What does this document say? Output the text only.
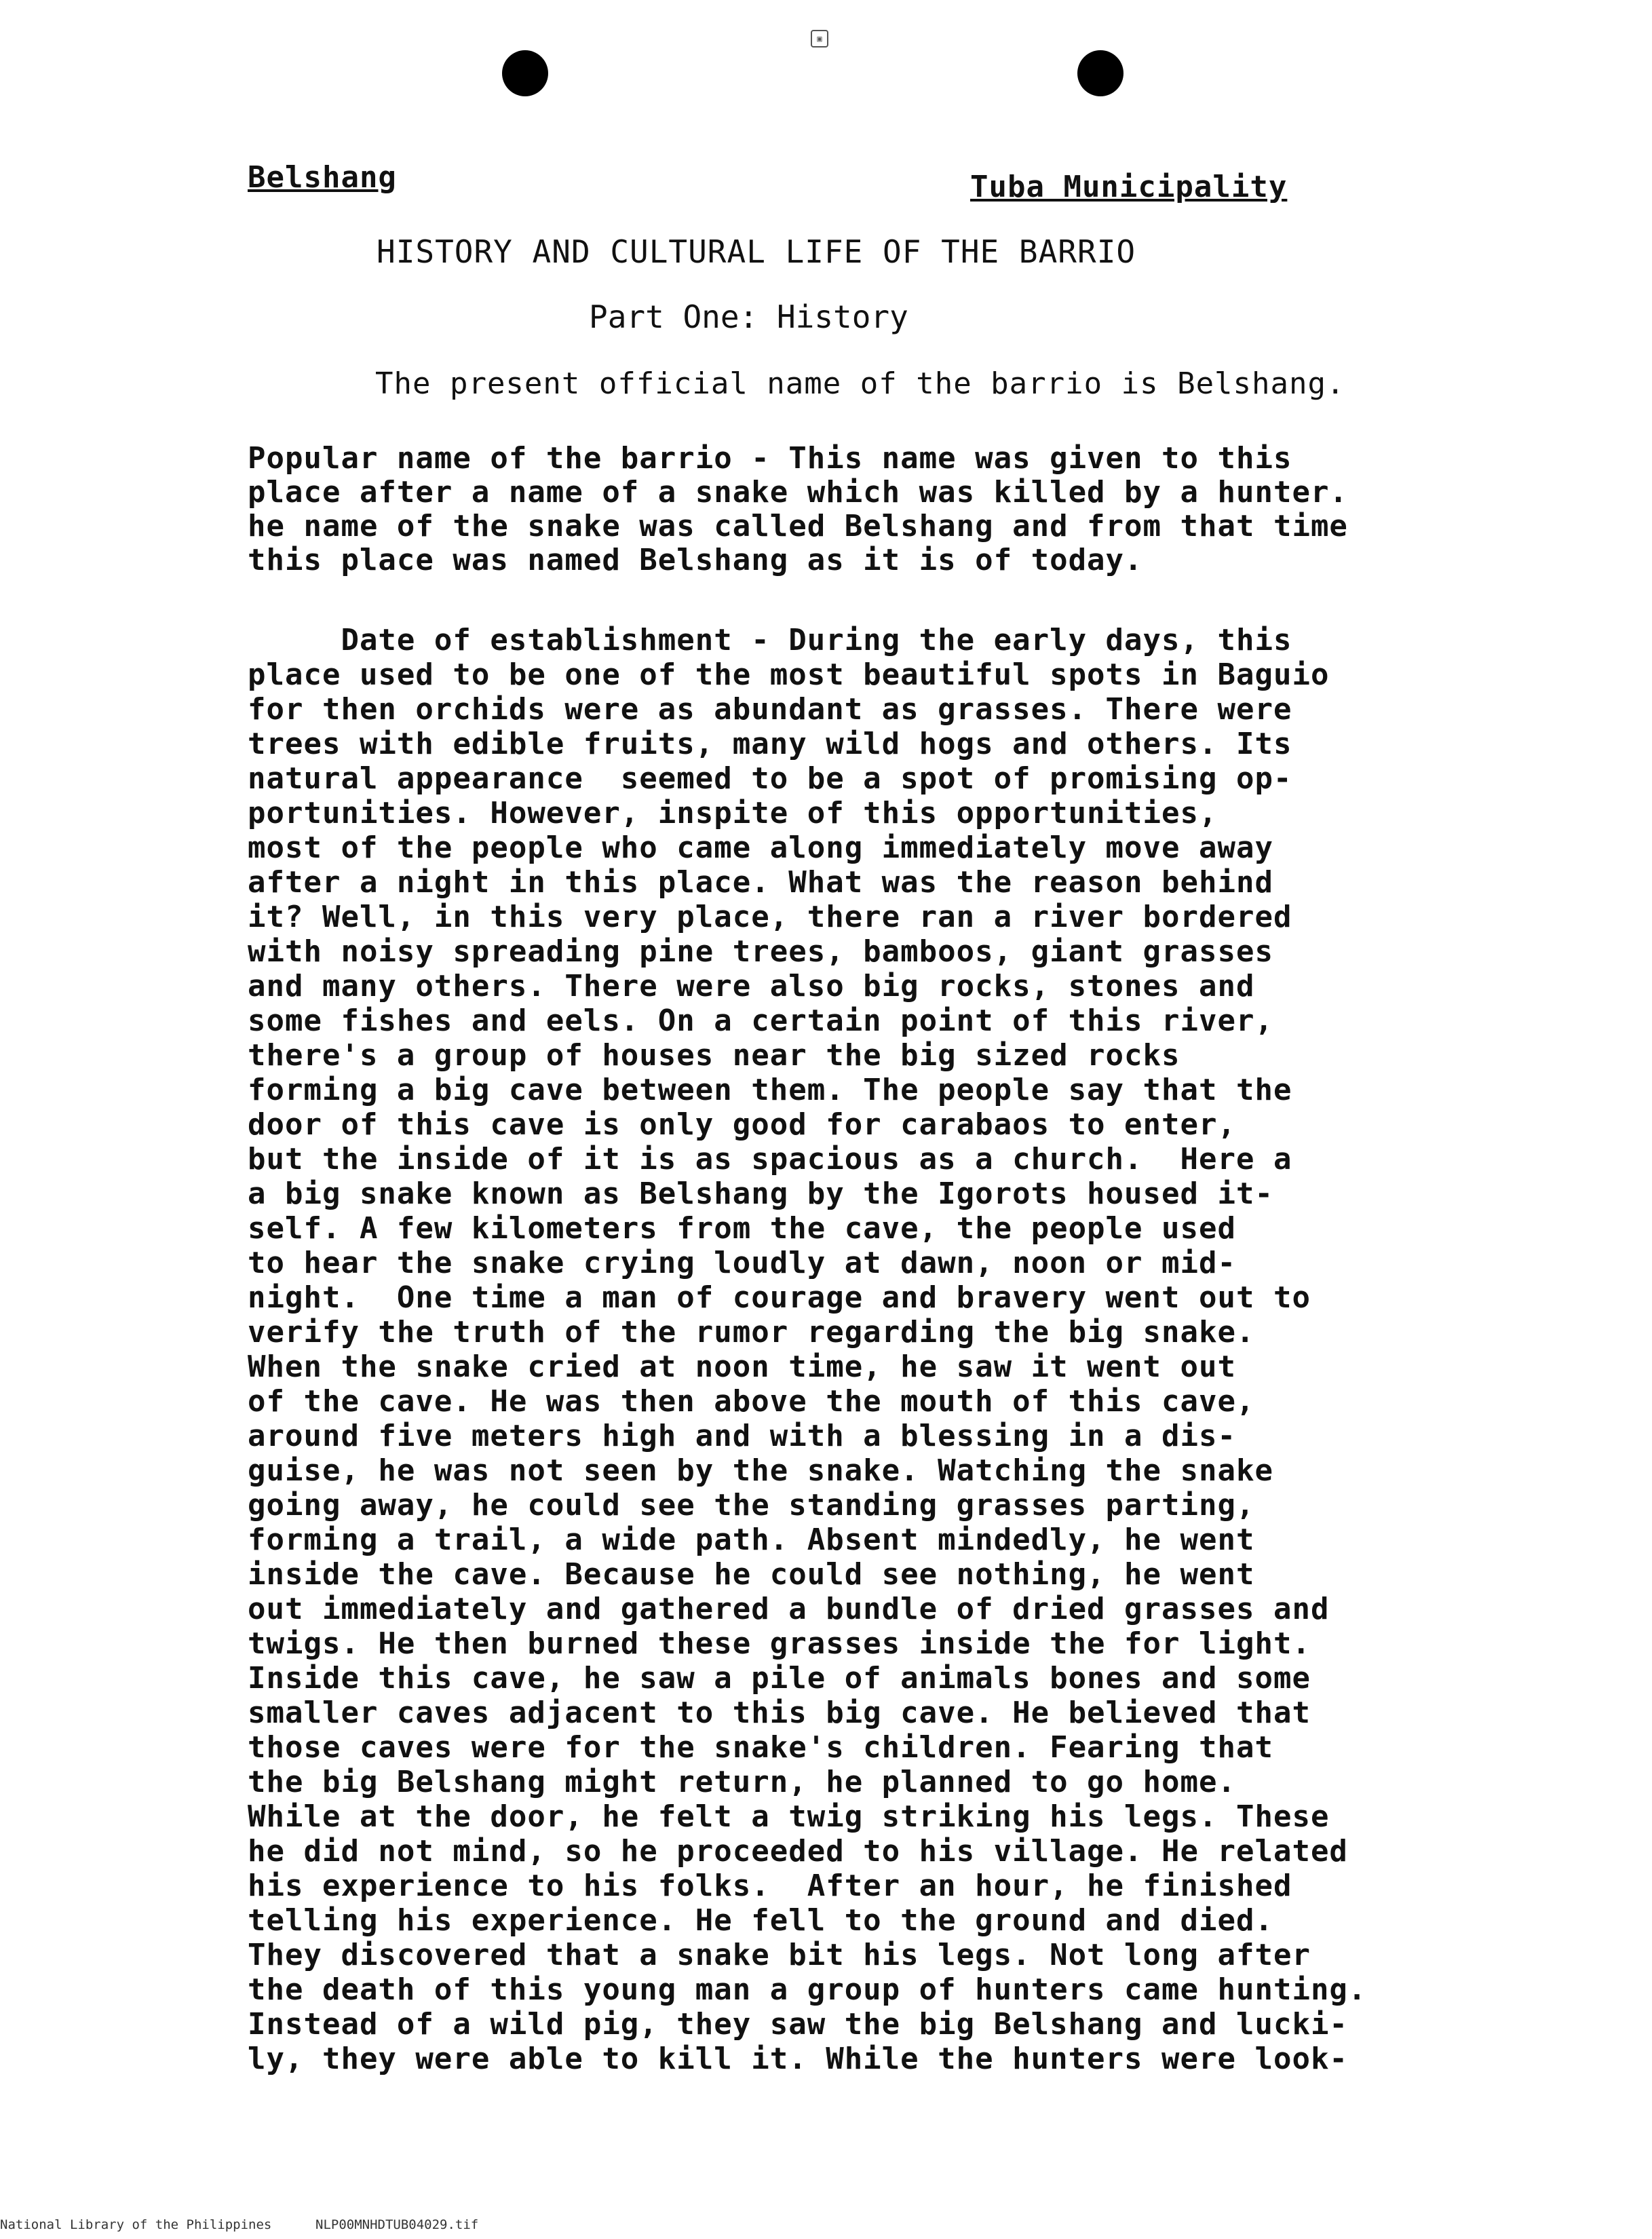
▣
Belshang	Tuba Municipality
HISTORY AND CULTURAL LIFE OF THE BARRIO
Part One: History
The present official name of the barrio is Belshang.
Popular name of the barrio - This name was given to this
place after a name of a snake which was killed by a hunter.
he name of the snake was called Belshang and from that time
this place was named Belshang as it is of today.
Date of establishment - During the early days, this
place used to be one of the most beautiful spots in Baguio
for then orchids were as abundant as grasses. There were
trees with edible fruits, many wild hogs and others. Its
natural appearance  seemed to be a spot of promising op-
portunities. However, inspite of this opportunities,
most of the people who came along immediately move away
after a night in this place. What was the reason behind
it? Well, in this very place, there ran a river bordered
with noisy spreading pine trees, bamboos, giant grasses
and many others. There were also big rocks, stones and
some fishes and eels. On a certain point of this river,
there's a group of houses near the big sized rocks
forming a big cave between them. The people say that the
door of this cave is only good for carabaos to enter,
but the inside of it is as spacious as a church.  Here a
a big snake known as Belshang by the Igorots housed it-
self. A few kilometers from the cave, the people used
to hear the snake crying loudly at dawn, noon or mid-
night.  One time a man of courage and bravery went out to
verify the truth of the rumor regarding the big snake.
When the snake cried at noon time, he saw it went out
of the cave. He was then above the mouth of this cave,
around five meters high and with a blessing in a dis-
guise, he was not seen by the snake. Watching the snake
going away, he could see the standing grasses parting,
forming a trail, a wide path. Absent mindedly, he went
inside the cave. Because he could see nothing, he went
out immediately and gathered a bundle of dried grasses and
twigs. He then burned these grasses inside the for light.
Inside this cave, he saw a pile of animals bones and some
smaller caves adjacent to this big cave. He believed that
those caves were for the snake's children. Fearing that
the big Belshang might return, he planned to go home.
While at the door, he felt a twig striking his legs. These
he did not mind, so he proceeded to his village. He related
his experience to his folks.  After an hour, he finished
telling his experience. He fell to the ground and died.
They discovered that a snake bit his legs. Not long after
the death of this young man a group of hunters came hunting.
Instead of a wild pig, they saw the big Belshang and lucki-
ly, they were able to kill it. While the hunters were look-
National Library of the Philippines	NLP00MNHDTUB04029.tif
